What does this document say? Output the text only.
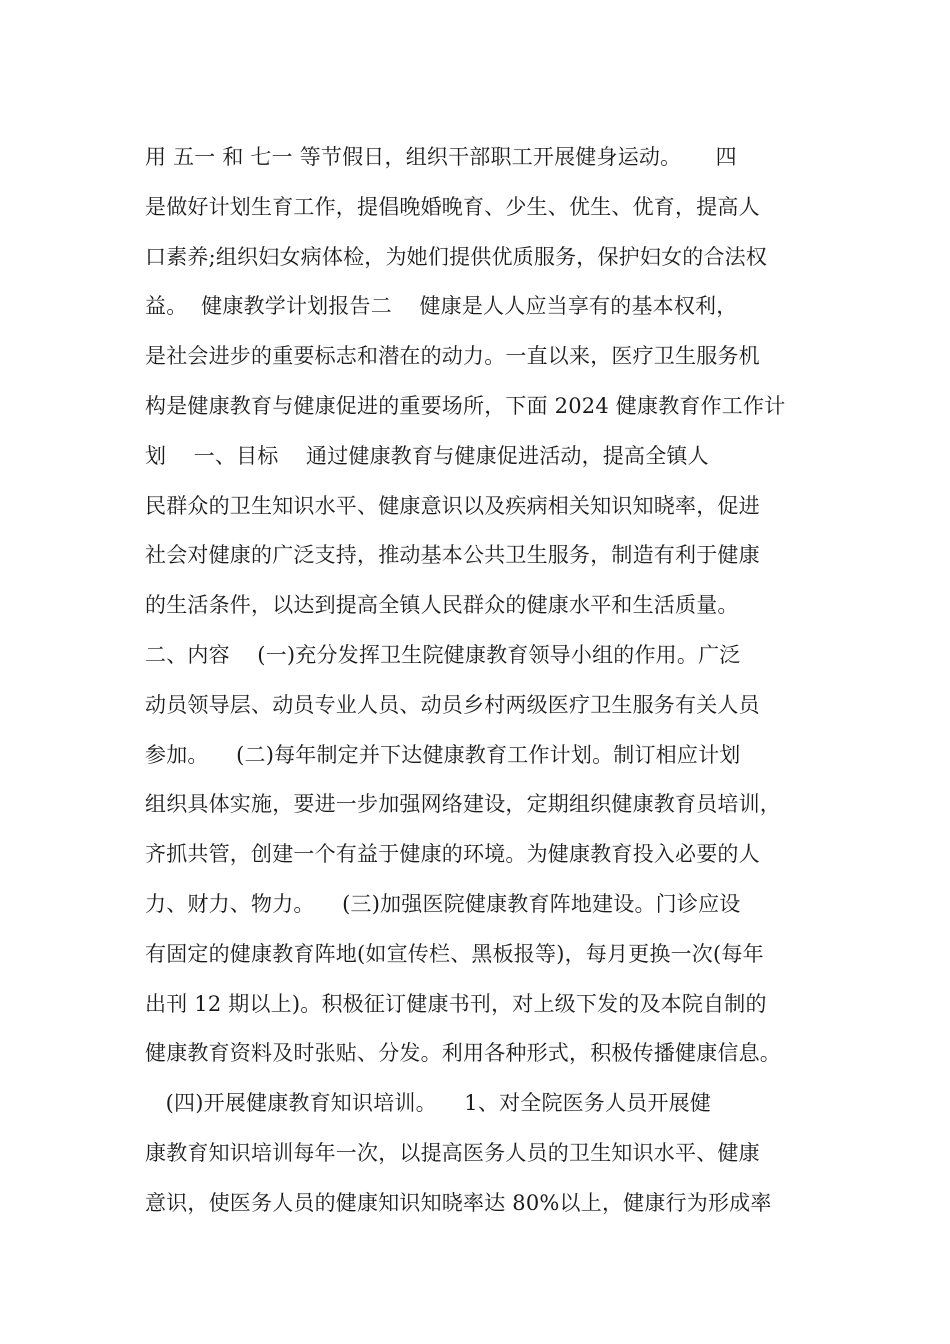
用 五一 和 七一 等节假日，组织干部职工开展健身运动。     四
是做好计划生育工作，提倡晚婚晚育、少生、优生、优育，提高人
口素养;组织妇女病体检，为她们提供优质服务，保护妇女的合法权
益。  健康教学计划报告二    健康是人人应当享有的基本权利，
是社会进步的重要标志和潜在的动力。一直以来，医疗卫生服务机
构是健康教育与健康促进的重要场所，下面 2024 健康教育作工作计
划    一、目标    通过健康教育与健康促进活动，提高全镇人
民群众的卫生知识水平、健康意识以及疾病相关知识知晓率，促进
社会对健康的广泛支持，推动基本公共卫生服务，制造有利于健康
的生活条件，以达到提高全镇人民群众的健康水平和生活质量。
二、内容    (一)充分发挥卫生院健康教育领导小组的作用。广泛
动员领导层、动员专业人员、动员乡村两级医疗卫生服务有关人员
参加。    (二)每年制定并下达健康教育工作计划。制订相应计划
组织具体实施，要进一步加强网络建设，定期组织健康教育员培训，
齐抓共管，创建一个有益于健康的环境。为健康教育投入必要的人
力、财力、物力。    (三)加强医院健康教育阵地建设。门诊应设
有固定的健康教育阵地(如宣传栏、黑板报等)，每月更换一次(每年
出刊 12 期以上)。积极征订健康书刊，对上级下发的及本院自制的
健康教育资料及时张贴、分发。利用各种形式，积极传播健康信息。
(四)开展健康教育知识培训。    1、对全院医务人员开展健
康教育知识培训每年一次，以提高医务人员的卫生知识水平、健康
意识，使医务人员的健康知识知晓率达 80%以上，健康行为形成率
